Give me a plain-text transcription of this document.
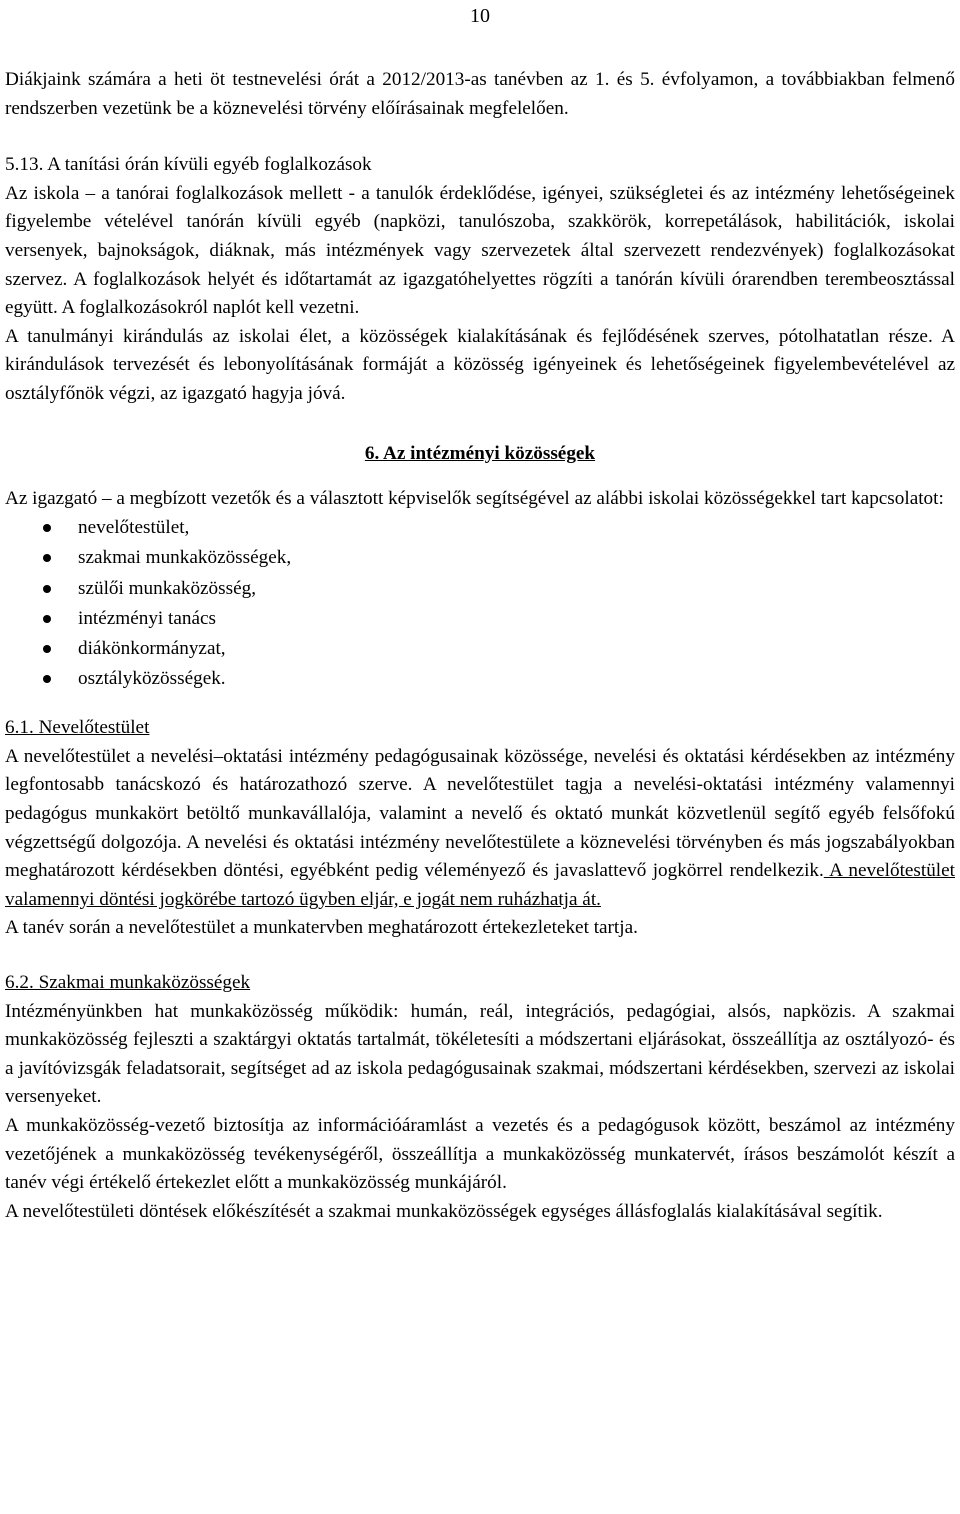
10

Diákjaink számára a heti öt testnevelési órát a 2012/2013-as tanévben az 1. és 5. évfolyamon, a továbbiakban felmenő rendszerben vezetünk be a köznevelési törvény előírásainak megfelelően.

5.13. A tanítási órán kívüli egyéb foglalkozások

Az iskola – a tanórai foglalkozások mellett - a tanulók érdeklődése, igényei, szükségletei és az intézmény lehetőségeinek figyelembe vételével tanórán kívüli egyéb (napközi, tanulószoba, szakkörök, korrepetálások, habilitációk, iskolai versenyek, bajnokságok, diáknak, más intézmények vagy szervezetek által szervezett rendezvények) foglalkozásokat szervez. A foglalkozások helyét és időtartamát az igazgatóhelyettes rögzíti a tanórán kívüli órarendben terembeosztással együtt. A foglalkozásokról naplót kell vezetni.

A tanulmányi kirándulás az iskolai élet, a közösségek kialakításának és fejlődésének szerves, pótolhatatlan része. A kirándulások tervezését és lebonyolításának formáját a közösség igényeinek és lehetőségeinek figyelembevételével az osztályfőnök végzi, az igazgató hagyja jóvá.

6. Az intézményi közösségek

Az igazgató – a megbízott vezetők és a választott képviselők segítségével az alábbi iskolai közösségekkel tart kapcsolatot:

nevelőtestület,
szakmai munkaközösségek,
szülői munkaközösség,
intézményi tanács
diákönkormányzat,
osztályközösségek.

6.1. Nevelőtestület

A nevelőtestület a nevelési–oktatási intézmény pedagógusainak közössége, nevelési és oktatási kérdésekben az intézmény legfontosabb tanácskozó és határozathozó szerve. A nevelőtestület tagja a nevelési-oktatási intézmény valamennyi pedagógus munkakört betöltő munkavállalója, valamint a nevelő és oktató munkát közvetlenül segítő egyéb felsőfokú végzettségű dolgozója. A nevelési és oktatási intézmény nevelőtestülete a köznevelési törvényben és más jogszabályokban meghatározott kérdésekben döntési, egyébként pedig véleményező és javaslattevő jogkörrel rendelkezik. A nevelőtestület valamennyi döntési jogkörébe tartozó ügyben eljár, e jogát nem ruházhatja át.

A tanév során a nevelőtestület a munkatervben meghatározott értekezleteket tartja.

6.2. Szakmai munkaközösségek

Intézményünkben hat munkaközösség működik: humán, reál, integrációs, pedagógiai, alsós, napközis. A szakmai munkaközösség fejleszti a szaktárgyi oktatás tartalmát, tökéletesíti a módszertani eljárásokat, összeállítja az osztályozó- és a javítóvizsgák feladatsorait, segítséget ad az iskola pedagógusainak szakmai, módszertani kérdésekben, szervezi az iskolai versenyeket.

A munkaközösség-vezető biztosítja az információáramlást a vezetés és a pedagógusok között, beszámol az intézmény vezetőjének a munkaközösség tevékenységéről, összeállítja a munkaközösség munkatervét, írásos beszámolót készít a tanév végi értékelő értekezlet előtt a munkaközösség munkájáról.

A nevelőtestületi döntések előkészítését a szakmai munkaközösségek egységes állásfoglalás kialakításával segítik.
